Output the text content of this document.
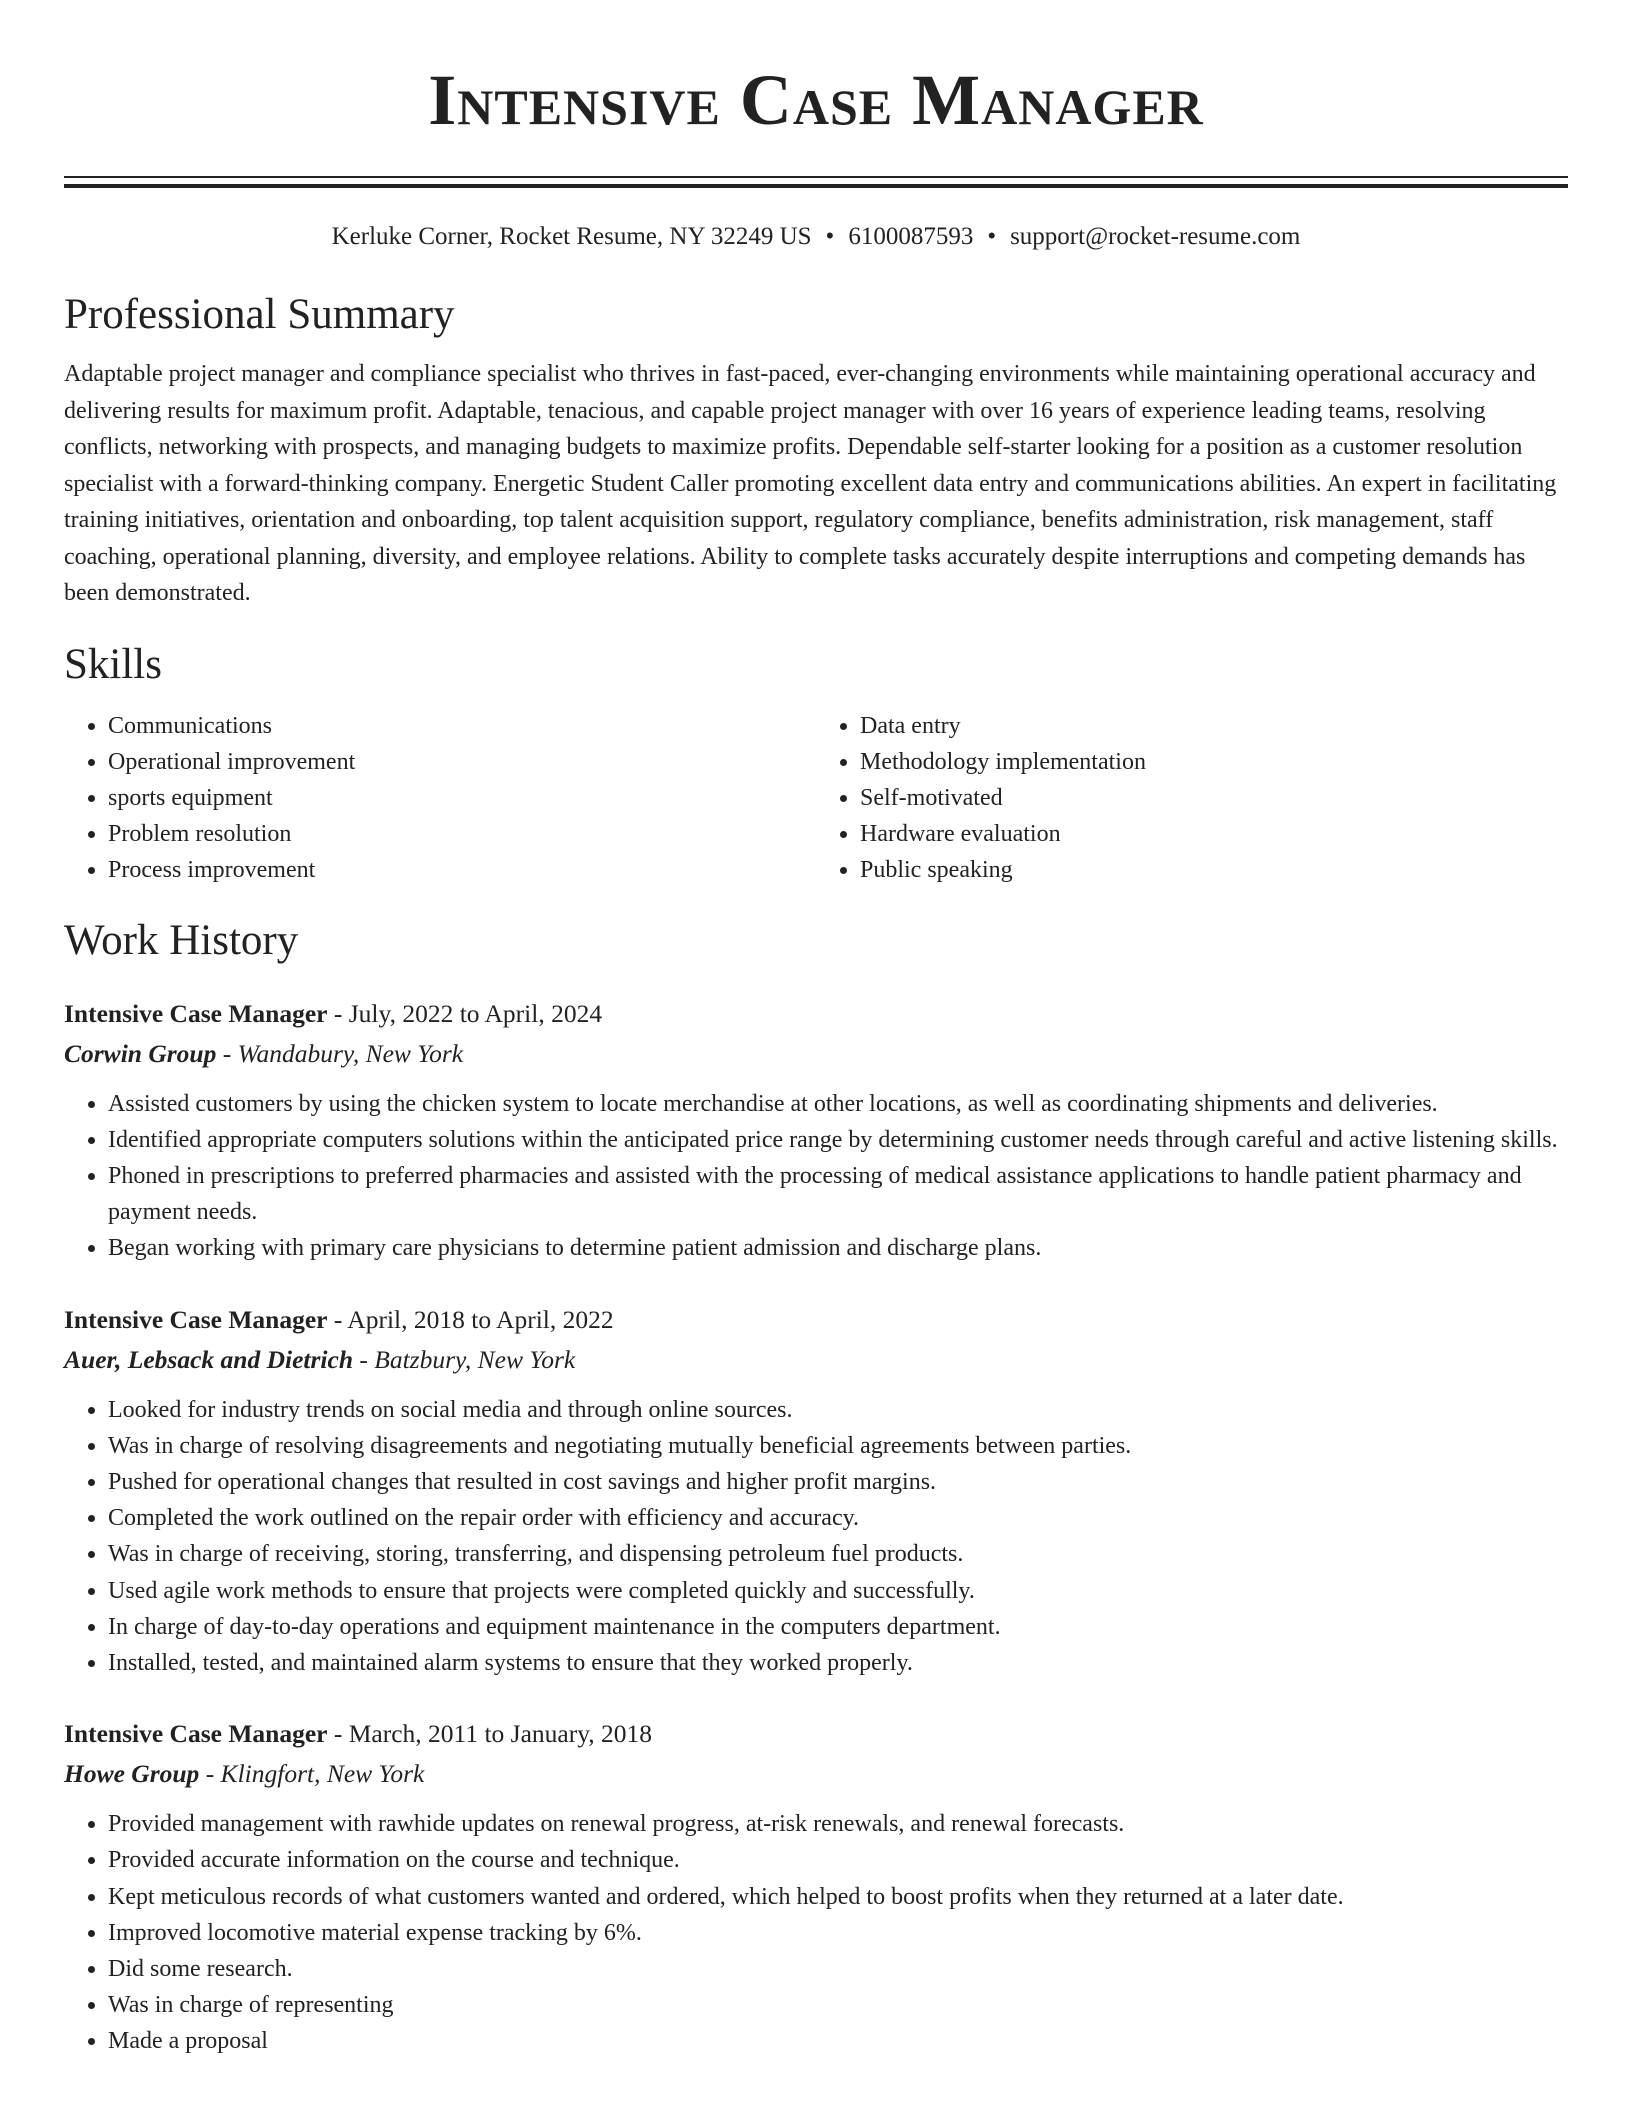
Intensive Case Manager
Kerluke Corner, Rocket Resume, NY 32249 US • 6100087593 • support@rocket-resume.com
Professional Summary
Adaptable project manager and compliance specialist who thrives in fast-paced, ever-changing environments while maintaining operational accuracy and delivering results for maximum profit. Adaptable, tenacious, and capable project manager with over 16 years of experience leading teams, resolving conflicts, networking with prospects, and managing budgets to maximize profits. Dependable self-starter looking for a position as a customer resolution specialist with a forward-thinking company. Energetic Student Caller promoting excellent data entry and communications abilities. An expert in facilitating training initiatives, orientation and onboarding, top talent acquisition support, regulatory compliance, benefits administration, risk management, staff coaching, operational planning, diversity, and employee relations. Ability to complete tasks accurately despite interruptions and competing demands has been demonstrated.
Skills
• Communications
• Operational improvement
• sports equipment
• Problem resolution
• Process improvement
• Data entry
• Methodology implementation
• Self-motivated
• Hardware evaluation
• Public speaking
Work History
Intensive Case Manager - July, 2022 to April, 2024
Corwin Group - Wandabury, New York
• Assisted customers by using the chicken system to locate merchandise at other locations, as well as coordinating shipments and deliveries.
• Identified appropriate computers solutions within the anticipated price range by determining customer needs through careful and active listening skills.
• Phoned in prescriptions to preferred pharmacies and assisted with the processing of medical assistance applications to handle patient pharmacy and payment needs.
• Began working with primary care physicians to determine patient admission and discharge plans.
Intensive Case Manager - April, 2018 to April, 2022
Auer, Lebsack and Dietrich - Batzbury, New York
• Looked for industry trends on social media and through online sources.
• Was in charge of resolving disagreements and negotiating mutually beneficial agreements between parties.
• Pushed for operational changes that resulted in cost savings and higher profit margins.
• Completed the work outlined on the repair order with efficiency and accuracy.
• Was in charge of receiving, storing, transferring, and dispensing petroleum fuel products.
• Used agile work methods to ensure that projects were completed quickly and successfully.
• In charge of day-to-day operations and equipment maintenance in the computers department.
• Installed, tested, and maintained alarm systems to ensure that they worked properly.
Intensive Case Manager - March, 2011 to January, 2018
Howe Group - Klingfort, New York
• Provided management with rawhide updates on renewal progress, at-risk renewals, and renewal forecasts.
• Provided accurate information on the course and technique.
• Kept meticulous records of what customers wanted and ordered, which helped to boost profits when they returned at a later date.
• Improved locomotive material expense tracking by 6%.
• Did some research.
• Was in charge of representing
• Made a proposal
